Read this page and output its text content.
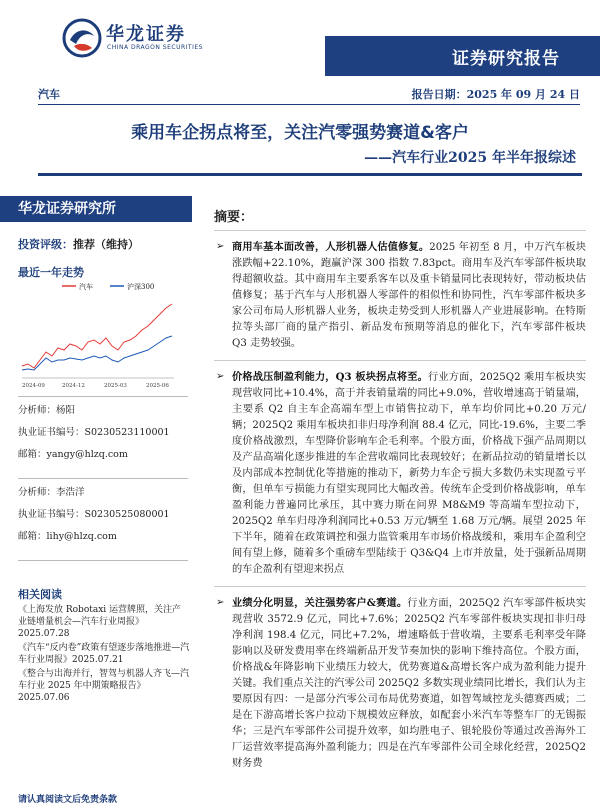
华龙证券
CHINA DRAGON SECURITIES
证券研究报告
汽车	报告日期：2025 年 09 月 24 日
乘用车企拐点将至，关注汽零强势赛道&客户
——汽车行业2025 年半年报综述
华龙证券研究所
投资评级：推荐（维持）
最近一年走势
汽车	沪深300
2024-09	2024-12	2025-03	2025-06
分析师：杨阳
执业证书编号：S0230523110001
邮箱：yangy@hlzq.com
分析师：李浩洋
执业证书编号：S0230525080001
邮箱：lihy@hlzq.com
相关阅读
《上海发放 Robotaxi 运营牌照，关注产业链增量机会—汽车行业周报》2025.07.28
《汽车“反内卷”政策有望逐步落地推进—汽车行业周报》2025.07.21
《整合与出海并行，智驾与机器人齐飞—汽车行业 2025 年中期策略报告》2025.07.06
请认真阅读文后免责条款
摘要：
➢ 商用车基本面改善，人形机器人估值修复。2025 年初至 8 月，中万汽车板块涨跌幅+22.10%，跑赢沪深 300 指数 7.83pct。商用车及汽车零部件板块取得超额收益。其中商用车主要系客车以及重卡销量同比表现转好，带动板块估值修复；基于汽车与人形机器人零部件的相似性和协同性，汽车零部件板块多家公司布局人形机器人业务，板块走势受到人形机器人产业进展影响。在特斯拉等头部厂商的量产指引、新品发布预期等消息的催化下，汽车零部件板块 Q3 走势较强。
➢ 价格战压制盈利能力，Q3 板块拐点将至。行业方面，2025Q2 乘用车板块实现营收同比+10.4%，高于并表销量端的同比+9.0%，营收增速高于销量端，主要系 Q2 自主车企高端车型上市销售拉动下，单车均价同比+0.20 万元/辆；2025Q2 乘用车板块扣非归母净利润 88.4 亿元，同比-19.6%，主要二季度价格战激烈，车型降价影响车企毛利率。个股方面，价格战下强产品周期以及产品高端化逐步推进的车企营收端同比表现较好；在新品拉动的销量增长以及内部成本控制优化等措施的推动下，新势力车企亏损大多数仍未实现盈亏平衡，但单车亏损能力有望实现同比大幅改善。传统车企受到价格战影响，单车盈利能力普遍同比承压，其中赛力斯在问界 M8&M9 等高端车型拉动下，2025Q2 单车归母净利润同比+0.53 万元/辆至 1.68 万元/辆。展望 2025 年下半年，随着在政策调控和强力监管乘用车市场价格战缓和，乘用车企盈利空间有望上修，随着多个重磅车型陆续于 Q3&Q4 上市并放量，处于强新品周期的车企盈利有望迎来拐点
➢ 业绩分化明显，关注强势客户&赛道。行业方面，2025Q2 汽车零部件板块实现营收 3572.9 亿元，同比+7.6%；2025Q2 汽车零部件板块实现扣非归母净利润 198.4 亿元，同比+7.2%，增速略低于营收端，主要系毛利率受年降影响以及研发费用率在终端新品开发节奏加快的影响下维持高位。个股方面，价格战&年降影响下业绩压力较大，优势赛道&高增长客户成为盈利能力提升关键。我们重点关注的汽零公司 2025Q2 多数实现业绩同比增长，我们认为主要原因有四：一是部分汽零公司布局优势赛道，如智驾域控龙头德赛西威；二是在下游高增长客户拉动下规模效应释放，如配套小米汽车等整车厂的无锡振华；三是汽车零部件公司提升效率，如均胜电子、银轮股份等通过改善海外工厂运营效率提高海外盈利能力；四是在汽车零部件公司全球化经营，2025Q2 财务费
